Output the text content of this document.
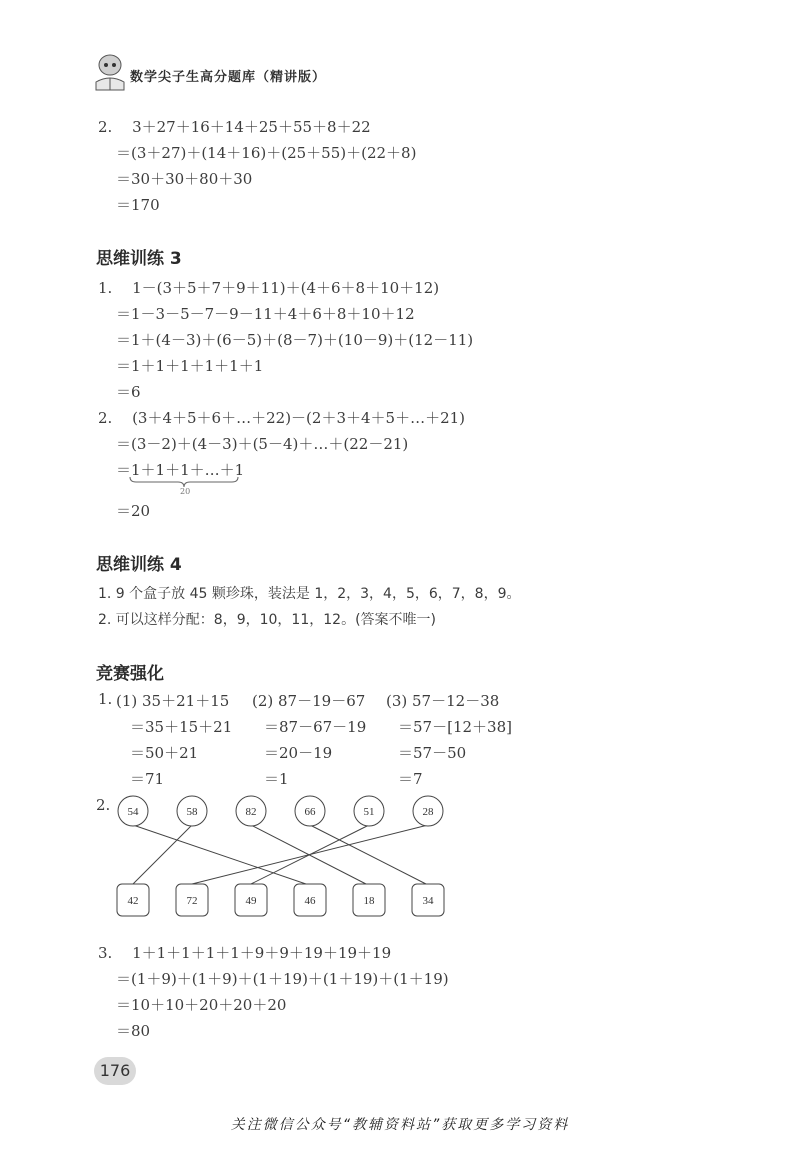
数学尖子生高分题库（精讲版）
2.　 3＋27＋16＋14＋25＋55＋8＋22
＝(3＋27)＋(14＋16)＋(25＋55)＋(22＋8)
＝30＋30＋80＋30
＝170
思维训练 3
1.　 1－(3＋5＋7＋9＋11)＋(4＋6＋8＋10＋12)
＝1－3－5－7－9－11＋4＋6＋8＋10＋12
＝1＋(4－3)＋(6－5)＋(8－7)＋(10－9)＋(12－11)
＝1＋1＋1＋1＋1＋1
＝6
2.　 (3＋4＋5＋6＋…＋22)－(2＋3＋4＋5＋…＋21)
＝(3－2)＋(4－3)＋(5－4)＋…＋(22－21)
＝1＋1＋1＋…＋1
20
＝20
思维训练 4
1. 9 个盒子放 45 颗珍珠，装法是 1，2，3，4，5，6，7，8，9。
2. 可以这样分配：8，9，10，11，12。(答案不唯一)
竞赛强化
1. (1) 35＋21＋15
＝35＋15＋21
＝50＋21
＝71
(2) 87－19－67
＝87－67－19
＝20－19
＝1
(3) 57－12－38
＝57－[12＋38]
＝57－50
＝7
2. 54	58	82	66	51	28
42	72	49	46	18	34
3.　 1＋1＋1＋1＋1＋9＋9＋19＋19＋19
＝(1＋9)＋(1＋9)＋(1＋19)＋(1＋19)＋(1＋19)
＝10＋10＋20＋20＋20
＝80
176
关注微信公众号“教辅资料站”获取更多学习资料
